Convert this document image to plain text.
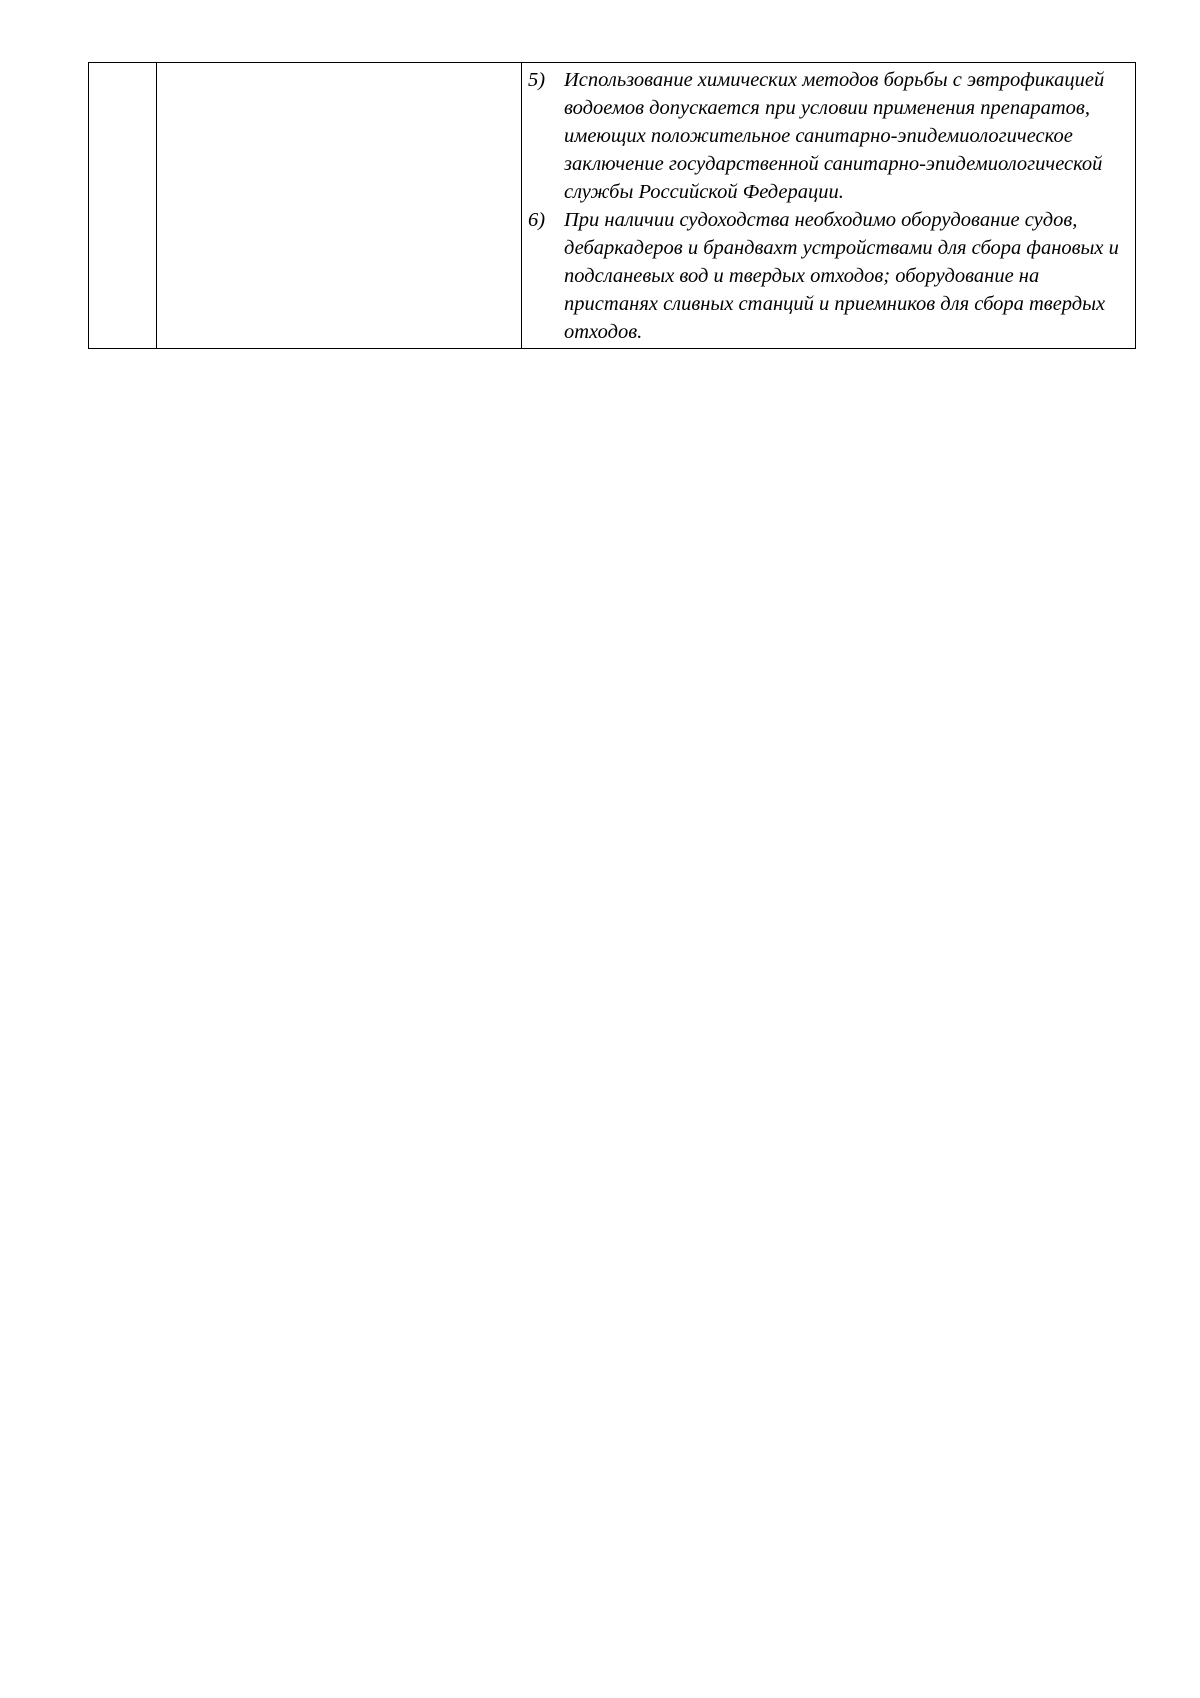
5) Использование химических методов борьбы с эвтрофикацией водоемов допускается при условии применения препаратов, имеющих положительное санитарно-эпидемиологическое заключение государственной санитарно-эпидемиологической службы Российской Федерации.
6) При наличии судоходства необходимо оборудование судов, дебаркадеров и брандвахт устройствами для сбора фановых и подсланевых вод и твердых отходов; оборудование на пристанях сливных станций и приемников для сбора твердых отходов.
